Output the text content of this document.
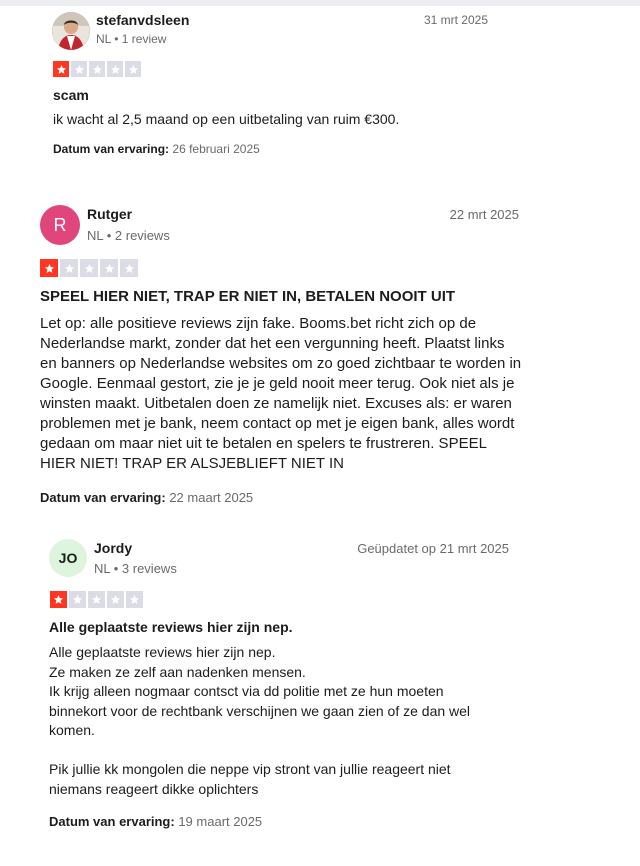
stefanvdsleen
NL • 1 review
31 mrt 2025
scam

ik wacht al 2,5 maand op een uitbetaling van ruim €300.

Datum van ervaring: 26 februari 2025
R
Rutger
NL • 2 reviews
22 mrt 2025
SPEEL HIER NIET, TRAP ER NIET IN, BETALEN NOOIT UIT

Let op: alle positieve reviews zijn fake. Booms.bet richt zich op de Nederlandse markt, zonder dat het een vergunning heeft. Plaatst links en banners op Nederlandse websites om zo goed zichtbaar te worden in Google. Eenmaal gestort, zie je je geld nooit meer terug. Ook niet als je winsten maakt. Uitbetalen doen ze namelijk niet. Excuses als: er waren problemen met je bank, neem contact op met je eigen bank, alles wordt gedaan om maar niet uit te betalen en spelers te frustreren. SPEEL HIER NIET! TRAP ER ALSJEBLIEFT NIET IN

Datum van ervaring: 22 maart 2025
JO
Jordy
NL • 3 reviews
Geüpdatet op 21 mrt 2025
Alle geplaatste reviews hier zijn nep.

Alle geplaatste reviews hier zijn nep.

Ze maken ze zelf aan nadenken mensen.

Ik krijg alleen nogmaar contsct via dd politie met ze hun moeten binnekort voor de rechtbank verschijnen we gaan zien of ze dan wel komen.

Pik jullie kk mongolen die neppe vip stront van jullie reageert niet niemans reageert dikke oplichters

Datum van ervaring: 19 maart 2025
